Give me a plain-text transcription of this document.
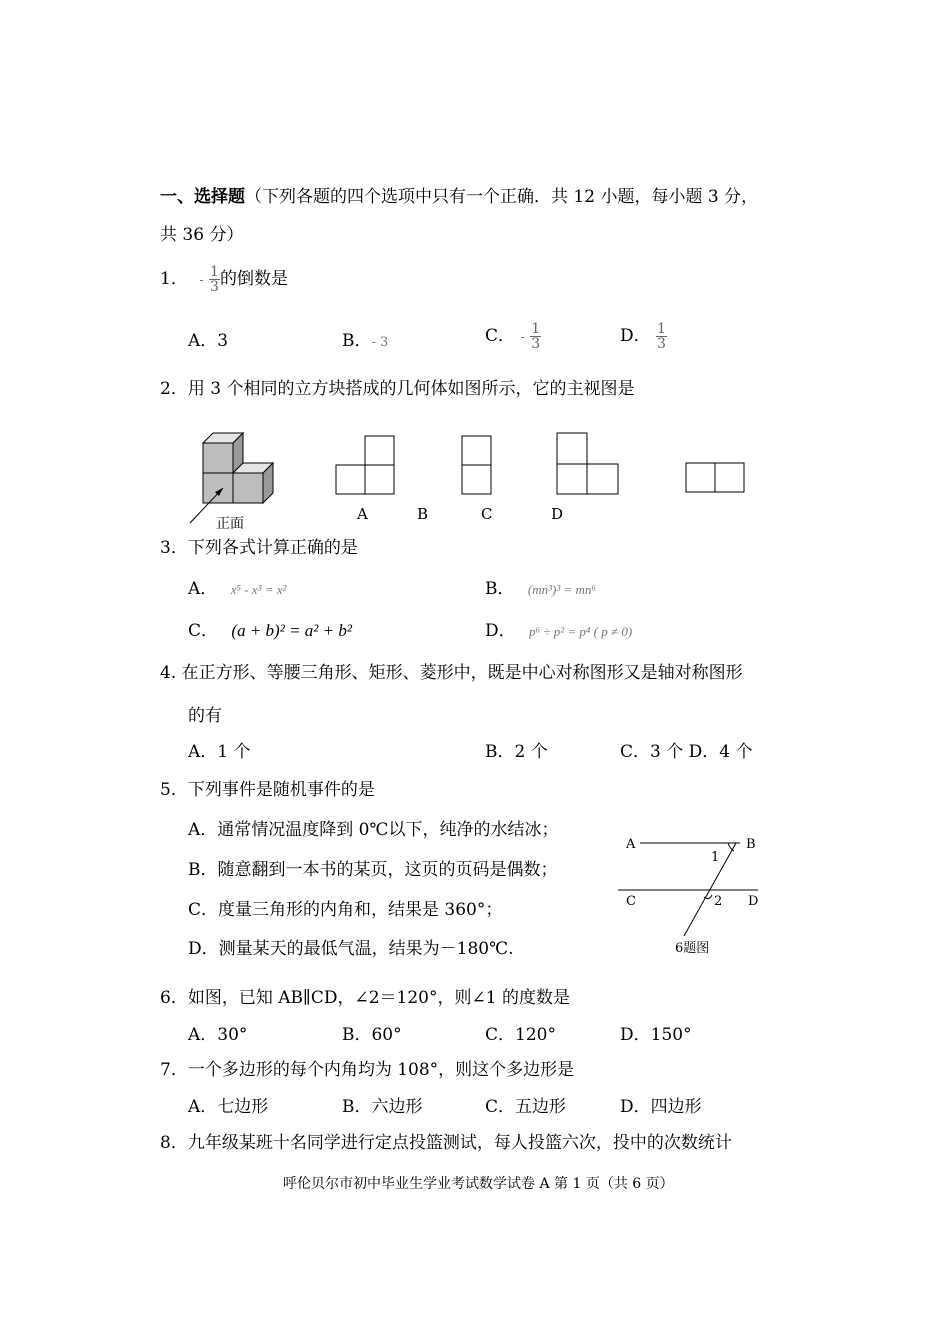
一、选择题（下列各题的四个选项中只有一个正确．共 12 小题，每小题 3 分，
共 36 分）
1． - $\frac{1}{3}$ 的倒数是
A．3	B．- 3	C． - $\frac{1}{3}$	D． $\frac{1}{3}$
2．用 3 个相同的立方块搭成的几何体如图所示，它的主视图是
正面
A	B	C	D
3．下列各式计算正确的是
A． x⁵ - x³ = x²	B． (mn³)³ = mn⁶
C． (a + b)² = a² + b²	D． p⁶ ÷ p² = p⁴ ( p ≠ 0)
4. 在正方形、等腰三角形、矩形、菱形中，既是中心对称图形又是轴对称图形
的有
A．1 个	B．2 个	C．3 个 D．4 个
5．下列事件是随机事件的是
A．通常情况温度降到 0℃以下，纯净的水结冰；
B．随意翻到一本书的某页，这页的页码是偶数；
C．度量三角形的内角和，结果是 360°；
D．测量某天的最低气温，结果为－180℃.
A	B
1
C	2 D
6题图
6．如图，已知 AB∥CD，∠2＝120°，则∠1 的度数是
A．30°	B．60°	C．120°	D．150°
7．一个多边形的每个内角均为 108°，则这个多边形是
A．七边形	B．六边形	C．五边形	D．四边形
8．九年级某班十名同学进行定点投篮测试，每人投篮六次，投中的次数统计
呼伦贝尔市初中毕业生学业考试数学试卷 A 第 1 页（共 6 页）
